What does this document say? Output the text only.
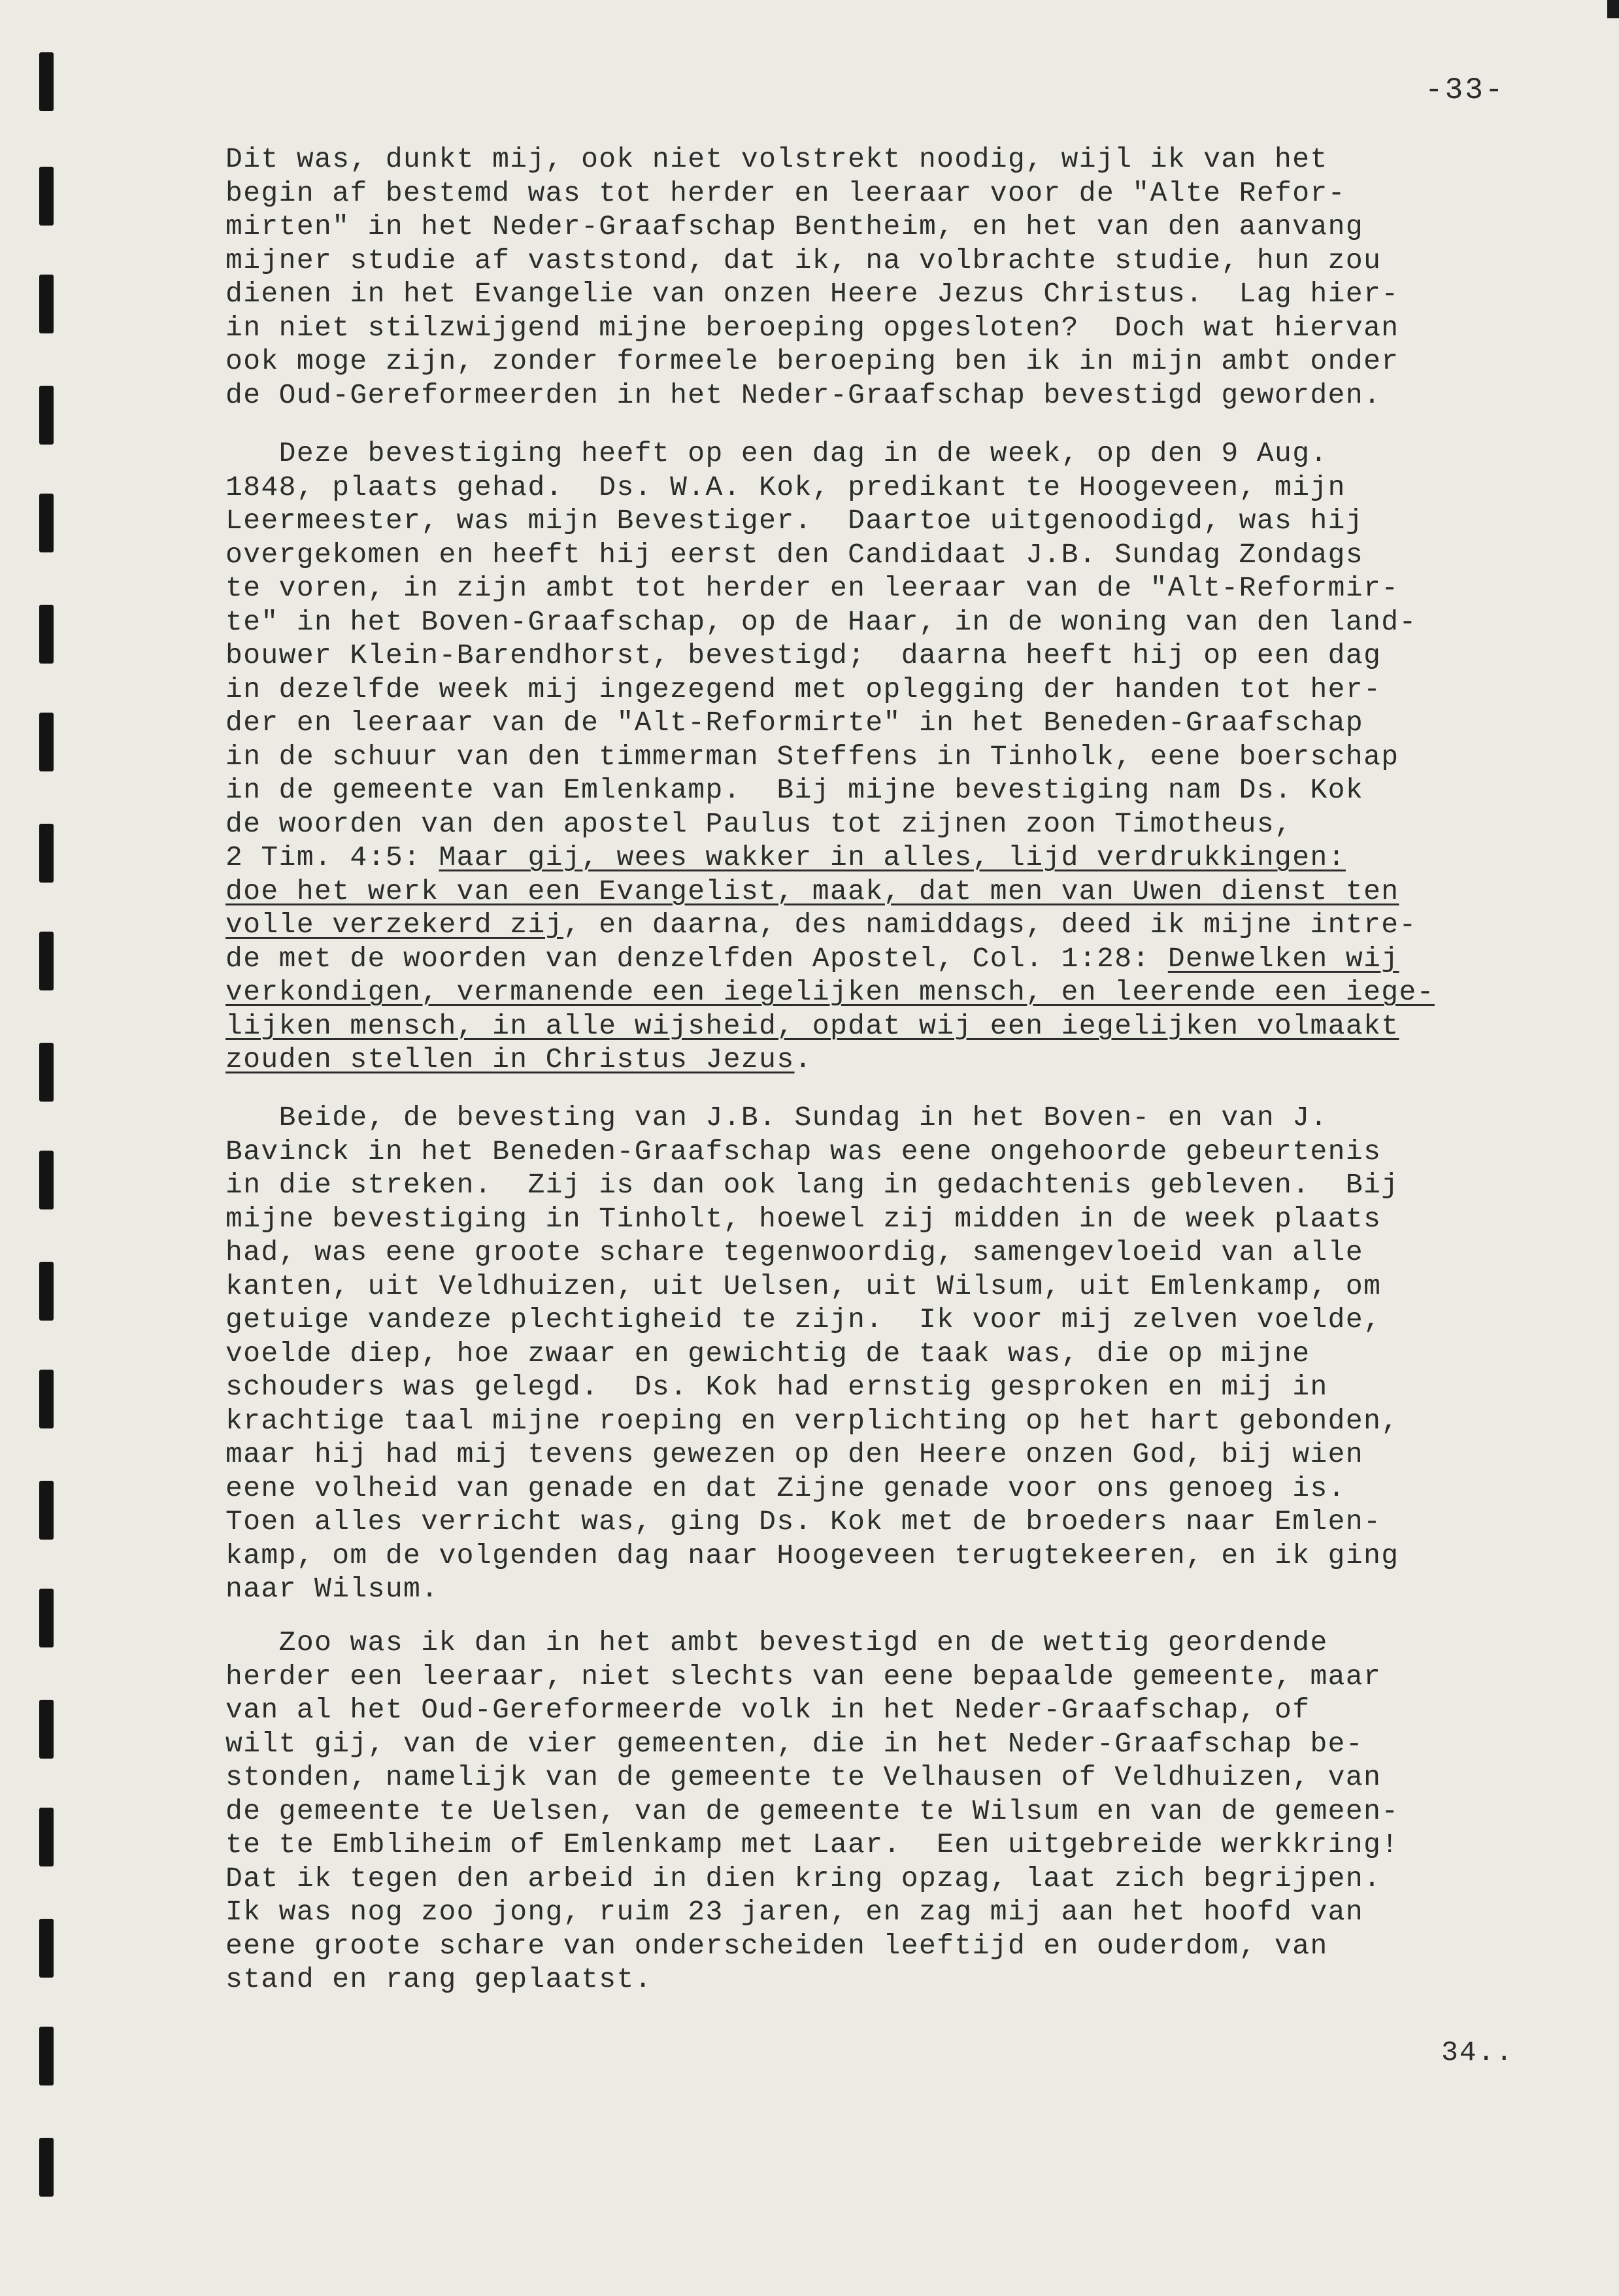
-33-
Dit was, dunkt mij, ook niet volstrekt noodig, wijl ik van het
begin af bestemd was tot herder en leeraar voor de "Alte Refor-
mirten" in het Neder-Graafschap Bentheim, en het van den aanvang
mijner studie af vaststond, dat ik, na volbrachte studie, hun zou
dienen in het Evangelie van onzen Heere Jezus Christus.  Lag hier-
in niet stilzwijgend mijne beroeping opgesloten?  Doch wat hiervan
ook moge zijn, zonder formeele beroeping ben ik in mijn ambt onder
de Oud-Gereformeerden in het Neder-Graafschap bevestigd geworden.
Deze bevestiging heeft op een dag in de week, op den 9 Aug.
1848, plaats gehad.  Ds. W.A. Kok, predikant te Hoogeveen, mijn
Leermeester, was mijn Bevestiger.  Daartoe uitgenoodigd, was hij
overgekomen en heeft hij eerst den Candidaat J.B. Sundag Zondags
te voren, in zijn ambt tot herder en leeraar van de "Alt-Reformir-
te" in het Boven-Graafschap, op de Haar, in de woning van den land-
bouwer Klein-Barendhorst, bevestigd;  daarna heeft hij op een dag
in dezelfde week mij ingezegend met oplegging der handen tot her-
der en leeraar van de "Alt-Reformirte" in het Beneden-Graafschap
in de schuur van den timmerman Steffens in Tinholk, eene boerschap
in de gemeente van Emlenkamp.  Bij mijne bevestiging nam Ds. Kok
de woorden van den apostel Paulus tot zijnen zoon Timotheus,
2 Tim. 4:5: Maar gij, wees wakker in alles, lijd verdrukkingen:
doe het werk van een Evangelist, maak, dat men van Uwen dienst ten
volle verzekerd zij, en daarna, des namiddags, deed ik mijne intre-
de met de woorden van denzelfden Apostel, Col. 1:28: Denwelken wij
verkondigen, vermanende een iegelijken mensch, en leerende een iege-
lijken mensch, in alle wijsheid, opdat wij een iegelijken volmaakt
zouden stellen in Christus Jezus.
Beide, de bevesting van J.B. Sundag in het Boven- en van J.
Bavinck in het Beneden-Graafschap was eene ongehoorde gebeurtenis
in die streken.  Zij is dan ook lang in gedachtenis gebleven.  Bij
mijne bevestiging in Tinholt, hoewel zij midden in de week plaats
had, was eene groote schare tegenwoordig, samengevloeid van alle
kanten, uit Veldhuizen, uit Uelsen, uit Wilsum, uit Emlenkamp, om
getuige vandeze plechtigheid te zijn.  Ik voor mij zelven voelde,
voelde diep, hoe zwaar en gewichtig de taak was, die op mijne
schouders was gelegd.  Ds. Kok had ernstig gesproken en mij in
krachtige taal mijne roeping en verplichting op het hart gebonden,
maar hij had mij tevens gewezen op den Heere onzen God, bij wien
eene volheid van genade en dat Zijne genade voor ons genoeg is.
Toen alles verricht was, ging Ds. Kok met de broeders naar Emlen-
kamp, om de volgenden dag naar Hoogeveen terugtekeeren, en ik ging
naar Wilsum.
Zoo was ik dan in het ambt bevestigd en de wettig geordende
herder een leeraar, niet slechts van eene bepaalde gemeente, maar
van al het Oud-Gereformeerde volk in het Neder-Graafschap, of
wilt gij, van de vier gemeenten, die in het Neder-Graafschap be-
stonden, namelijk van de gemeente te Velhausen of Veldhuizen, van
de gemeente te Uelsen, van de gemeente te Wilsum en van de gemeen-
te te Embliheim of Emlenkamp met Laar.  Een uitgebreide werkkring!
Dat ik tegen den arbeid in dien kring opzag, laat zich begrijpen.
Ik was nog zoo jong, ruim 23 jaren, en zag mij aan het hoofd van
eene groote schare van onderscheiden leeftijd en ouderdom, van
stand en rang geplaatst.
34..
